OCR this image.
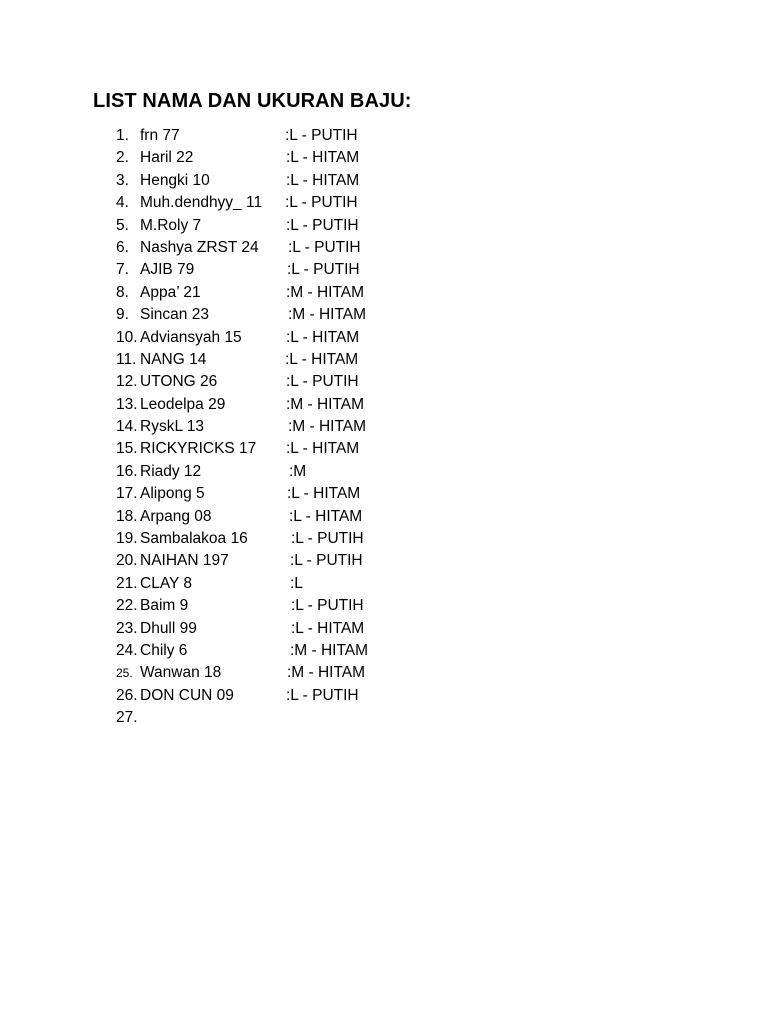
LIST NAMA DAN UKURAN BAJU:
1. frn 77	:L - PUTIH
2. Haril 22	:L - HITAM
3. Hengki 10	:L - HITAM
4. Muh.dendhyy_ 11 :L - PUTIH
5. M.Roly 7	:L - PUTIH
6. Nashya ZRST 24 :L - PUTIH
7. AJIB 79	:L - PUTIH
8. Appa’ 21	:M - HITAM
9. Sincan 23	:M - HITAM
10. Adviansyah 15	:L - HITAM
11. NANG 14	:L - HITAM
12. UTONG 26	:L - PUTIH
13. Leodelpa 29	:M - HITAM
14. RyskL 13	:M - HITAM
15. RICKYRICKS 17 :L - HITAM
16. Riady 12	:M
17. Alipong 5	:L - HITAM
18. Arpang 08	:L - HITAM
19. Sambalakoa 16	:L - PUTIH
20. NAIHAN 197	:L - PUTIH
21. CLAY 8	:L
22. Baim 9	:L - PUTIH
23. Dhull 99	:L - HITAM
24. Chily 6	:M - HITAM
25. Wanwan 18	:M - HITAM
26. DON CUN 09	:L - PUTIH
27.
